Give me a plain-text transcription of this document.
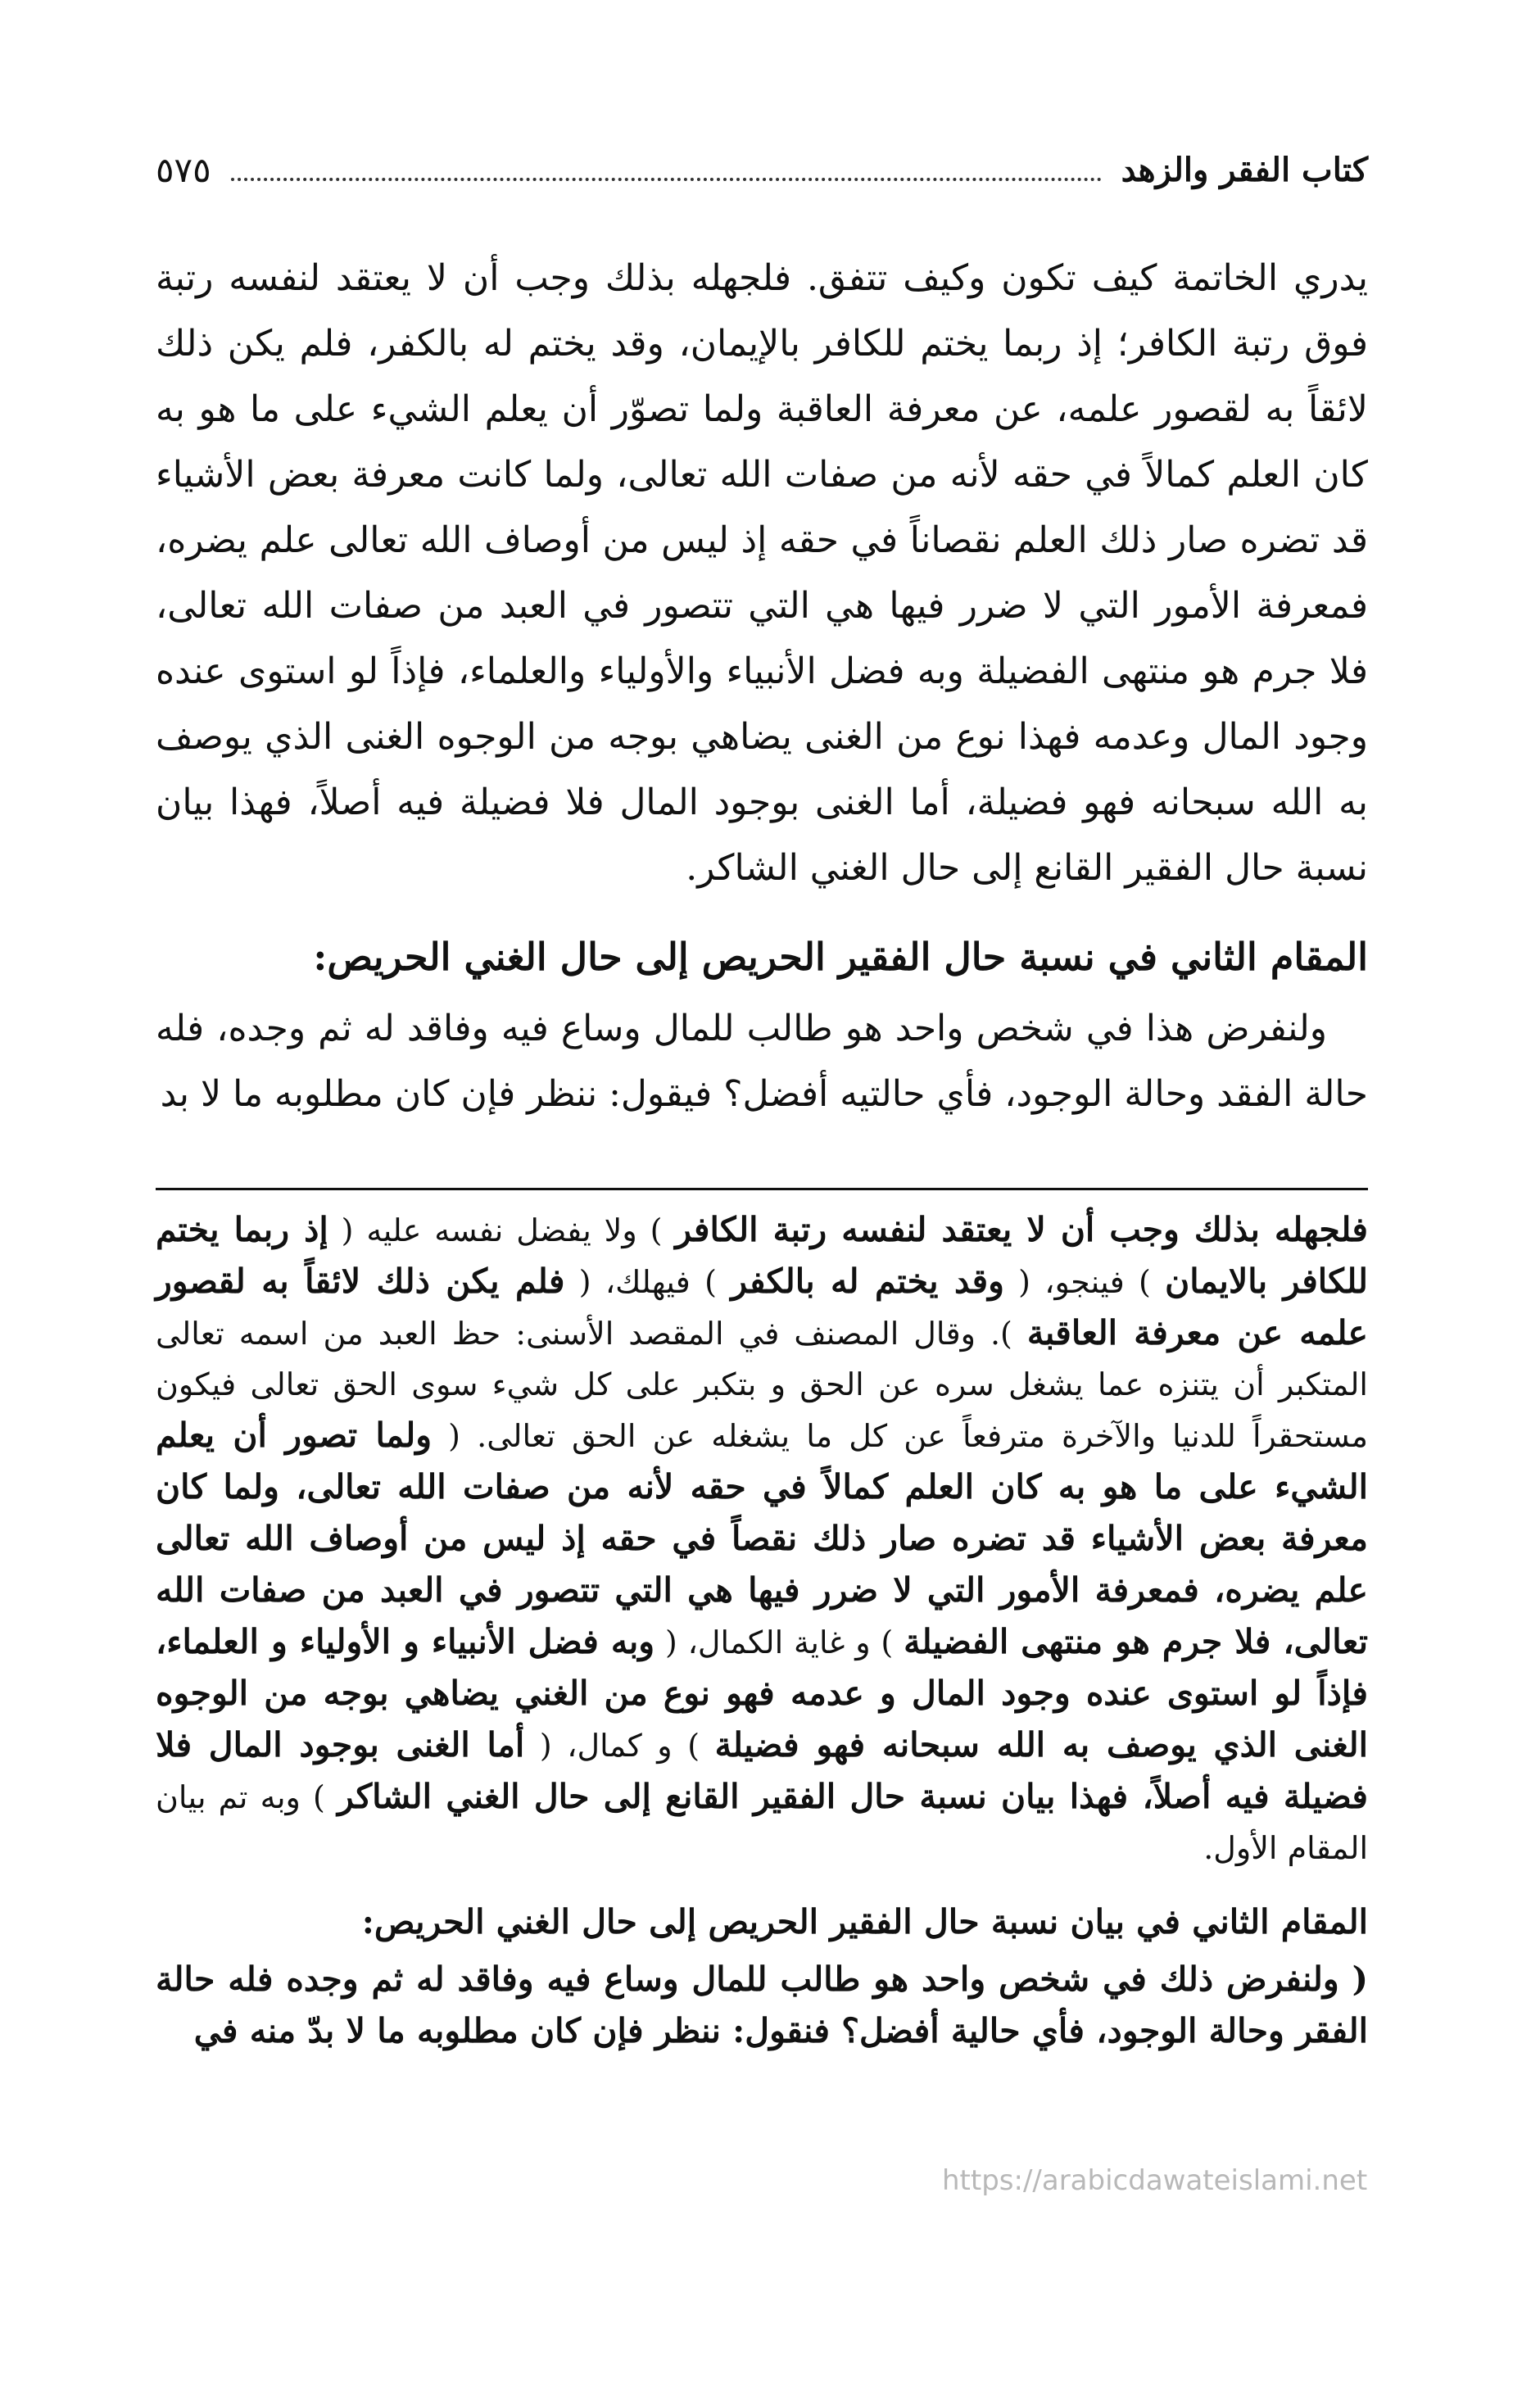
كتاب الفقر والزهد
٥٧٥

يدري الخاتمة كيف تكون وكيف تتفق. فلجهله بذلك وجب أن لا يعتقد لنفسه رتبة فوق رتبة الكافر؛ إذ ربما يختم للكافر بالإيمان، وقد يختم له بالكفر، فلم يكن ذلك لائقاً به لقصور علمه، عن معرفة العاقبة ولما تصوّر أن يعلم الشيء على ما هو به كان العلم كمالاً في حقه لأنه من صفات الله تعالى، ولما كانت معرفة بعض الأشياء قد تضره صار ذلك العلم نقصاناً في حقه إذ ليس من أوصاف الله تعالى علم يضره، فمعرفة الأمور التي لا ضرر فيها هي التي تتصور في العبد من صفات الله تعالى، فلا جرم هو منتهى الفضيلة وبه فضل الأنبياء والأولياء والعلماء، فإذاً لو استوى عنده وجود المال وعدمه فهذا نوع من الغنى يضاهي بوجه من الوجوه الغنى الذي يوصف به الله سبحانه فهو فضيلة، أما الغنى بوجود المال فلا فضيلة فيه أصلاً، فهذا بيان نسبة حال الفقير القانع إلى حال الغني الشاكر.

المقام الثاني في نسبة حال الفقير الحريص إلى حال الغني الحريص:

ولنفرض هذا في شخص واحد هو طالب للمال وساع فيه وفاقد له ثم وجده، فله حالة الفقد وحالة الوجود، فأي حالتيه أفضل؟ فيقول: ننظر فإن كان مطلوبه ما لا بد

فلجهله بذلك وجب أن لا يعتقد لنفسه رتبة الكافر ) ولا يفضل نفسه عليه ( إذ ربما يختم للكافر بالايمان ) فينجو، ( وقد يختم له بالكفر ) فيهلك، ( فلم يكن ذلك لائقاً به لقصور علمه عن معرفة العاقبة ). وقال المصنف في المقصد الأسنى: حظ العبد من اسمه تعالى المتكبر أن يتنزه عما يشغل سره عن الحق و بتكبر على كل شيء سوى الحق تعالى فيكون مستحقراً للدنيا والآخرة مترفعاً عن كل ما يشغله عن الحق تعالى. ( ولما تصور أن يعلم الشيء على ما هو به كان العلم كمالاً في حقه لأنه من صفات الله تعالى، ولما كان معرفة بعض الأشياء قد تضره صار ذلك نقصاً في حقه إذ ليس من أوصاف الله تعالى علم يضره، فمعرفة الأمور التي لا ضرر فيها هي التي تتصور في العبد من صفات الله تعالى، فلا جرم هو منتهى الفضيلة ) و غاية الكمال، ( وبه فضل الأنبياء و الأولياء و العلماء، فإذاً لو استوى عنده وجود المال و عدمه فهو نوع من الغني يضاهي بوجه من الوجوه الغنى الذي يوصف به الله سبحانه فهو فضيلة ) و كمال، ( أما الغنى بوجود المال فلا فضيلة فيه أصلاً، فهذا بيان نسبة حال الفقير القانع إلى حال الغني الشاكر ) وبه تم بيان المقام الأول.

المقام الثاني في بيان نسبة حال الفقير الحريص إلى حال الغني الحريص:

( ولنفرض ذلك في شخص واحد هو طالب للمال وساع فيه وفاقد له ثم وجده فله حالة الفقر وحالة الوجود، فأي حالية أفضل؟ فنقول: ننظر فإن كان مطلوبه ما لا بدّ منه في

https://arabicdawateislami.net
